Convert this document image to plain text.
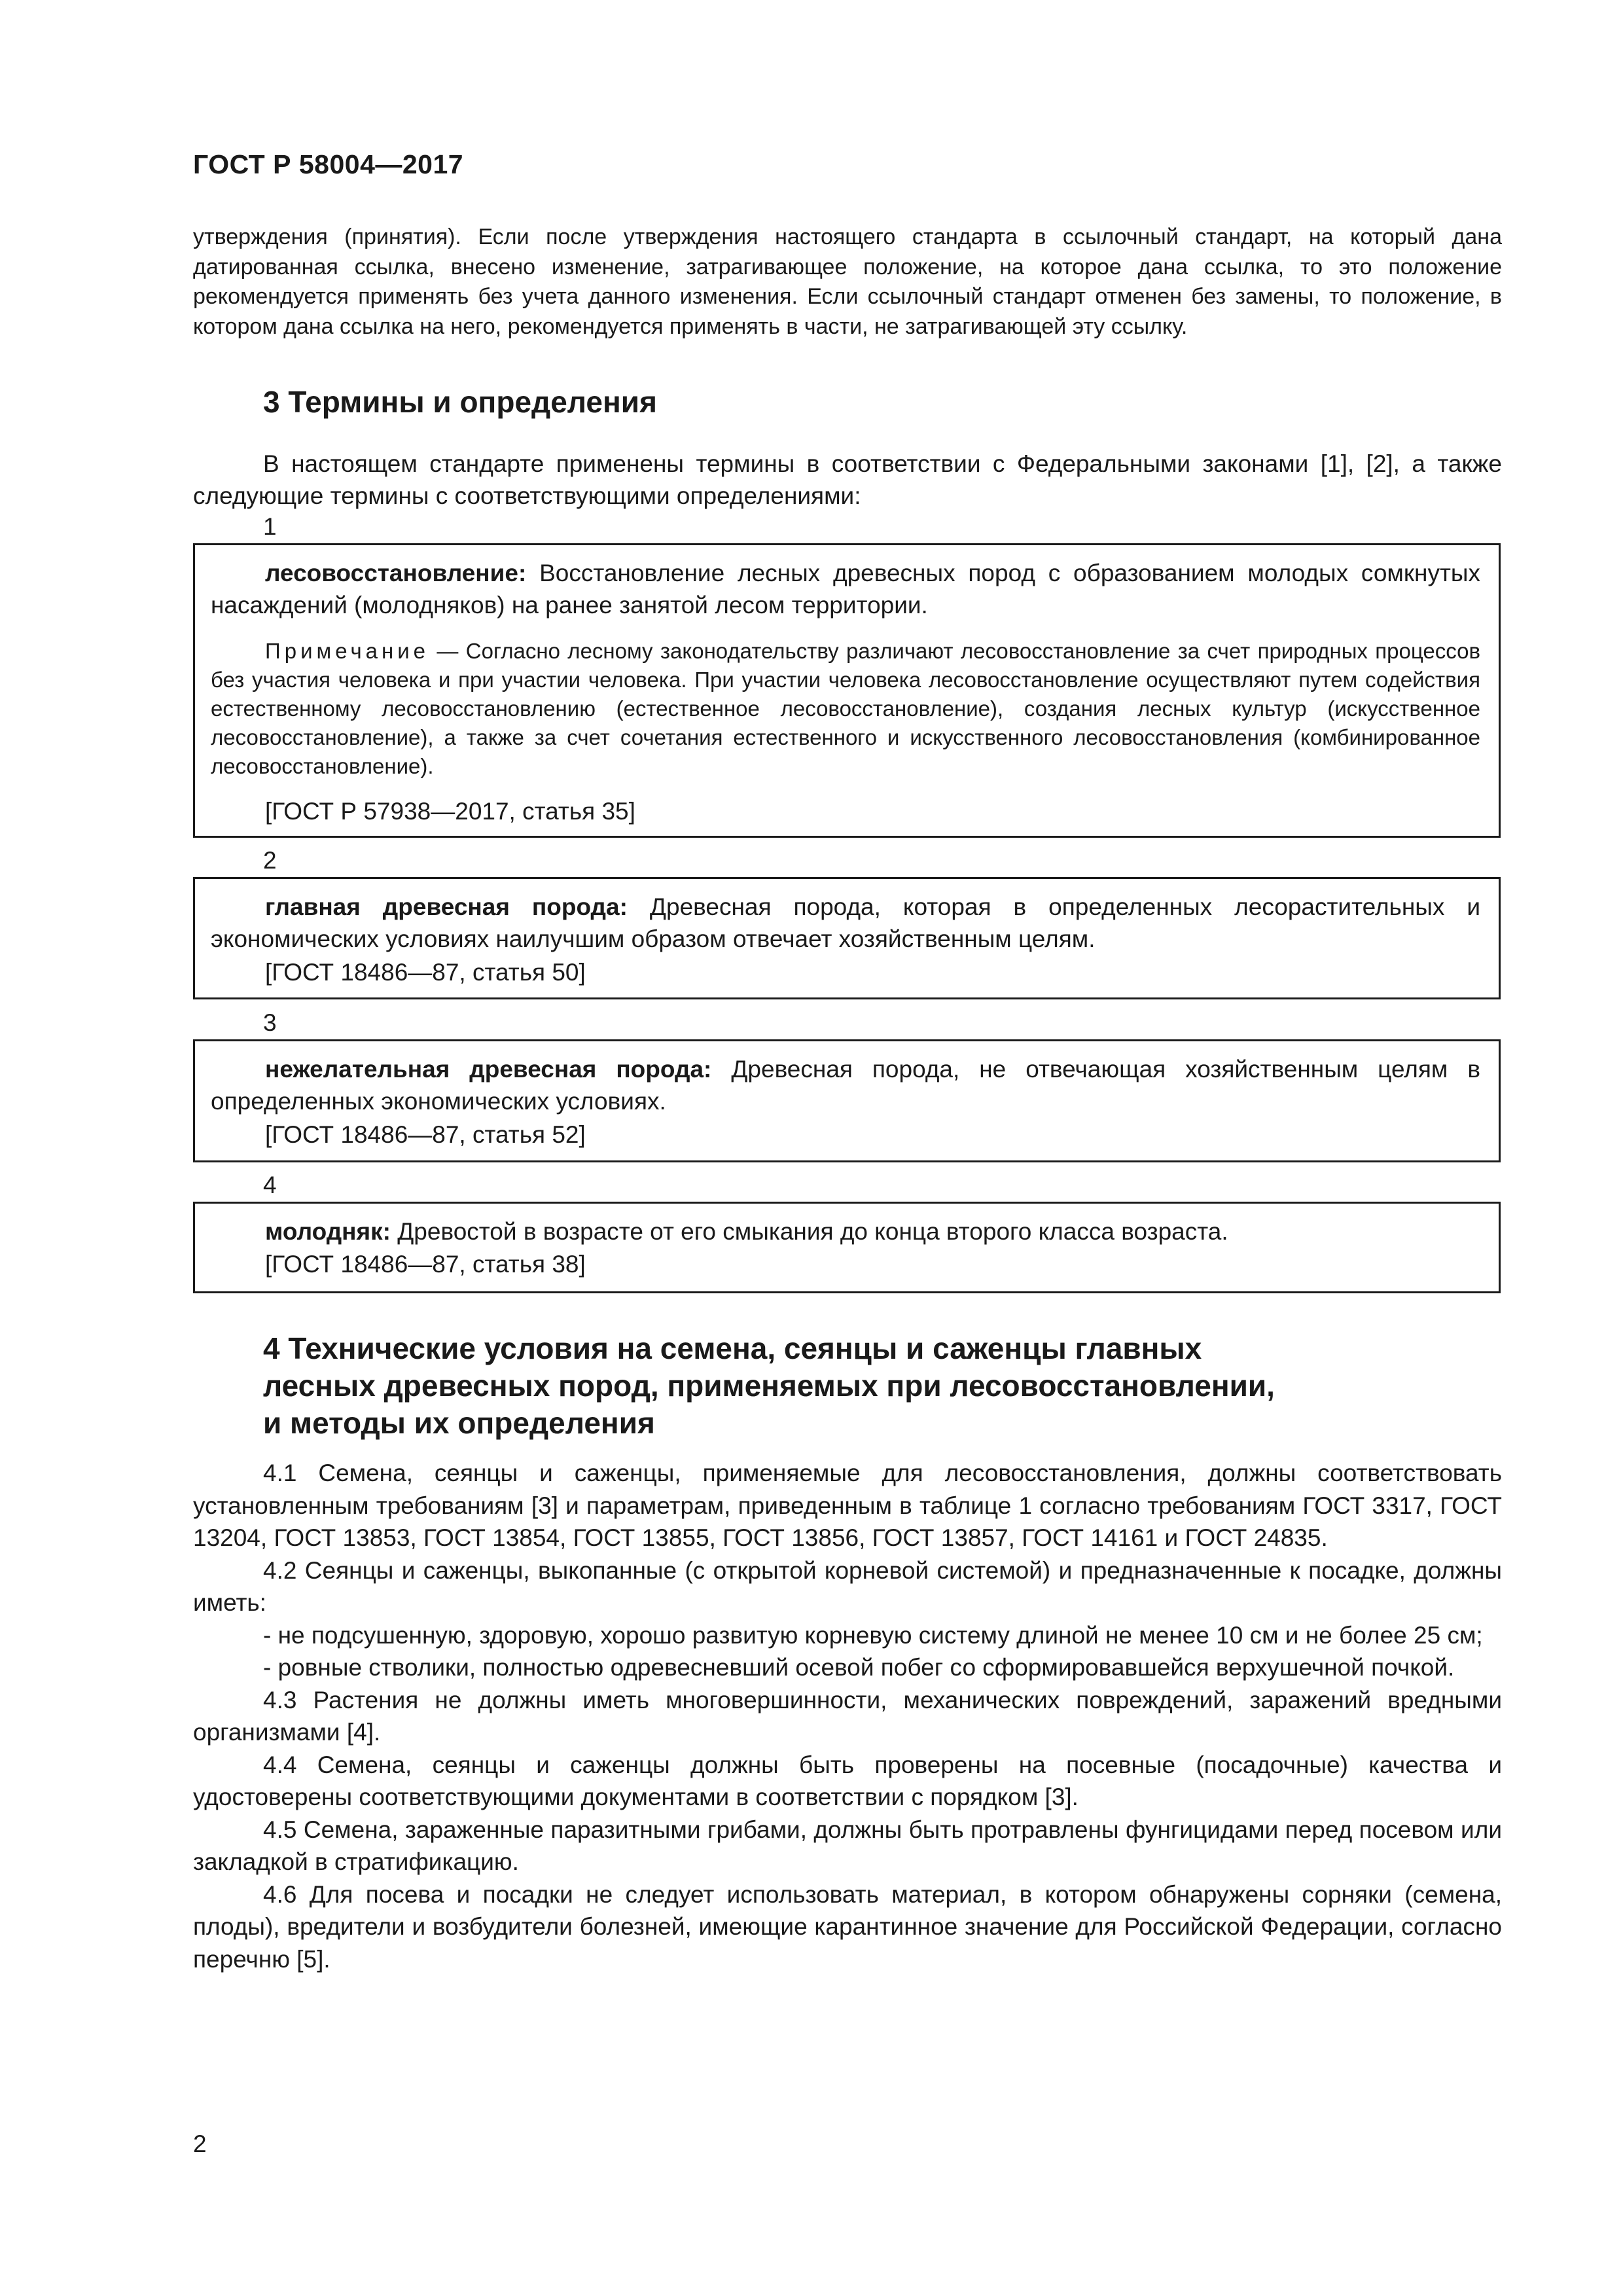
ГОСТ Р 58004—2017
утверждения (принятия). Если после утверждения настоящего стандарта в ссылочный стандарт, на который дана датированная ссылка, внесено изменение, затрагивающее положение, на которое дана ссылка, то это положение рекомендуется применять без учета данного изменения. Если ссылочный стандарт отменен без замены, то положение, в котором дана ссылка на него, рекомендуется применять в части, не затрагивающей эту ссылку.
3 Термины и определения
В настоящем стандарте применены термины в соответствии с Федеральными законами [1], [2], а также следующие термины с соответствующими определениями:
1
лесовосстановление: Восстановление лесных древесных пород с образованием молодых сомкнутых насаждений (молодняков) на ранее занятой лесом территории.
Примечание — Согласно лесному законодательству различают лесовосстановление за счет природных процессов без участия человека и при участии человека. При участии человека лесовосстановление осуществляют путем содействия естественному лесовосстановлению (естественное лесовосстановление), создания лесных культур (искусственное лесовосстановление), а также за счет сочетания естественного и искусственного лесовосстановления (комбинированное лесовосстановление).
[ГОСТ Р 57938—2017, статья 35]
2
главная древесная порода: Древесная порода, которая в определенных лесорастительных и экономических условиях наилучшим образом отвечает хозяйственным целям.
[ГОСТ 18486—87, статья 50]
3
нежелательная древесная порода: Древесная порода, не отвечающая хозяйственным целям в определенных экономических условиях.
[ГОСТ 18486—87, статья 52]
4
молодняк: Древостой в возрасте от его смыкания до конца второго класса возраста.
[ГОСТ 18486—87, статья 38]
4 Технические условия на семена, сеянцы и саженцы главных
лесных древесных пород, применяемых при лесовосстановлении,
и методы их определения

4.1 Семена, сеянцы и саженцы, применяемые для лесовосстановления, должны соответствовать установленным требованиям [3] и параметрам, приведенным в таблице 1 согласно требованиям ГОСТ 3317, ГОСТ 13204, ГОСТ 13853, ГОСТ 13854, ГОСТ 13855, ГОСТ 13856, ГОСТ 13857, ГОСТ 14161 и ГОСТ 24835.

4.2 Сеянцы и саженцы, выкопанные (с открытой корневой системой) и предназначенные к посадке, должны иметь:

- не подсушенную, здоровую, хорошо развитую корневую систему длиной не менее 10 см и не более 25 см;

- ровные стволики, полностью одревесневший осевой побег со сформировавшейся верхушечной почкой.

4.3 Растения не должны иметь многовершинности, механических повреждений, заражений вредными организмами [4].

4.4 Семена, сеянцы и саженцы должны быть проверены на посевные (посадочные) качества и удостоверены соответствующими документами в соответствии с порядком [3].

4.5 Семена, зараженные паразитными грибами, должны быть протравлены фунгицидами перед посевом или закладкой в стратификацию.

4.6 Для посева и посадки не следует использовать материал, в котором обнаружены сорняки (семена, плоды), вредители и возбудители болезней, имеющие карантинное значение для Российской Федерации, согласно перечню [5].

2
